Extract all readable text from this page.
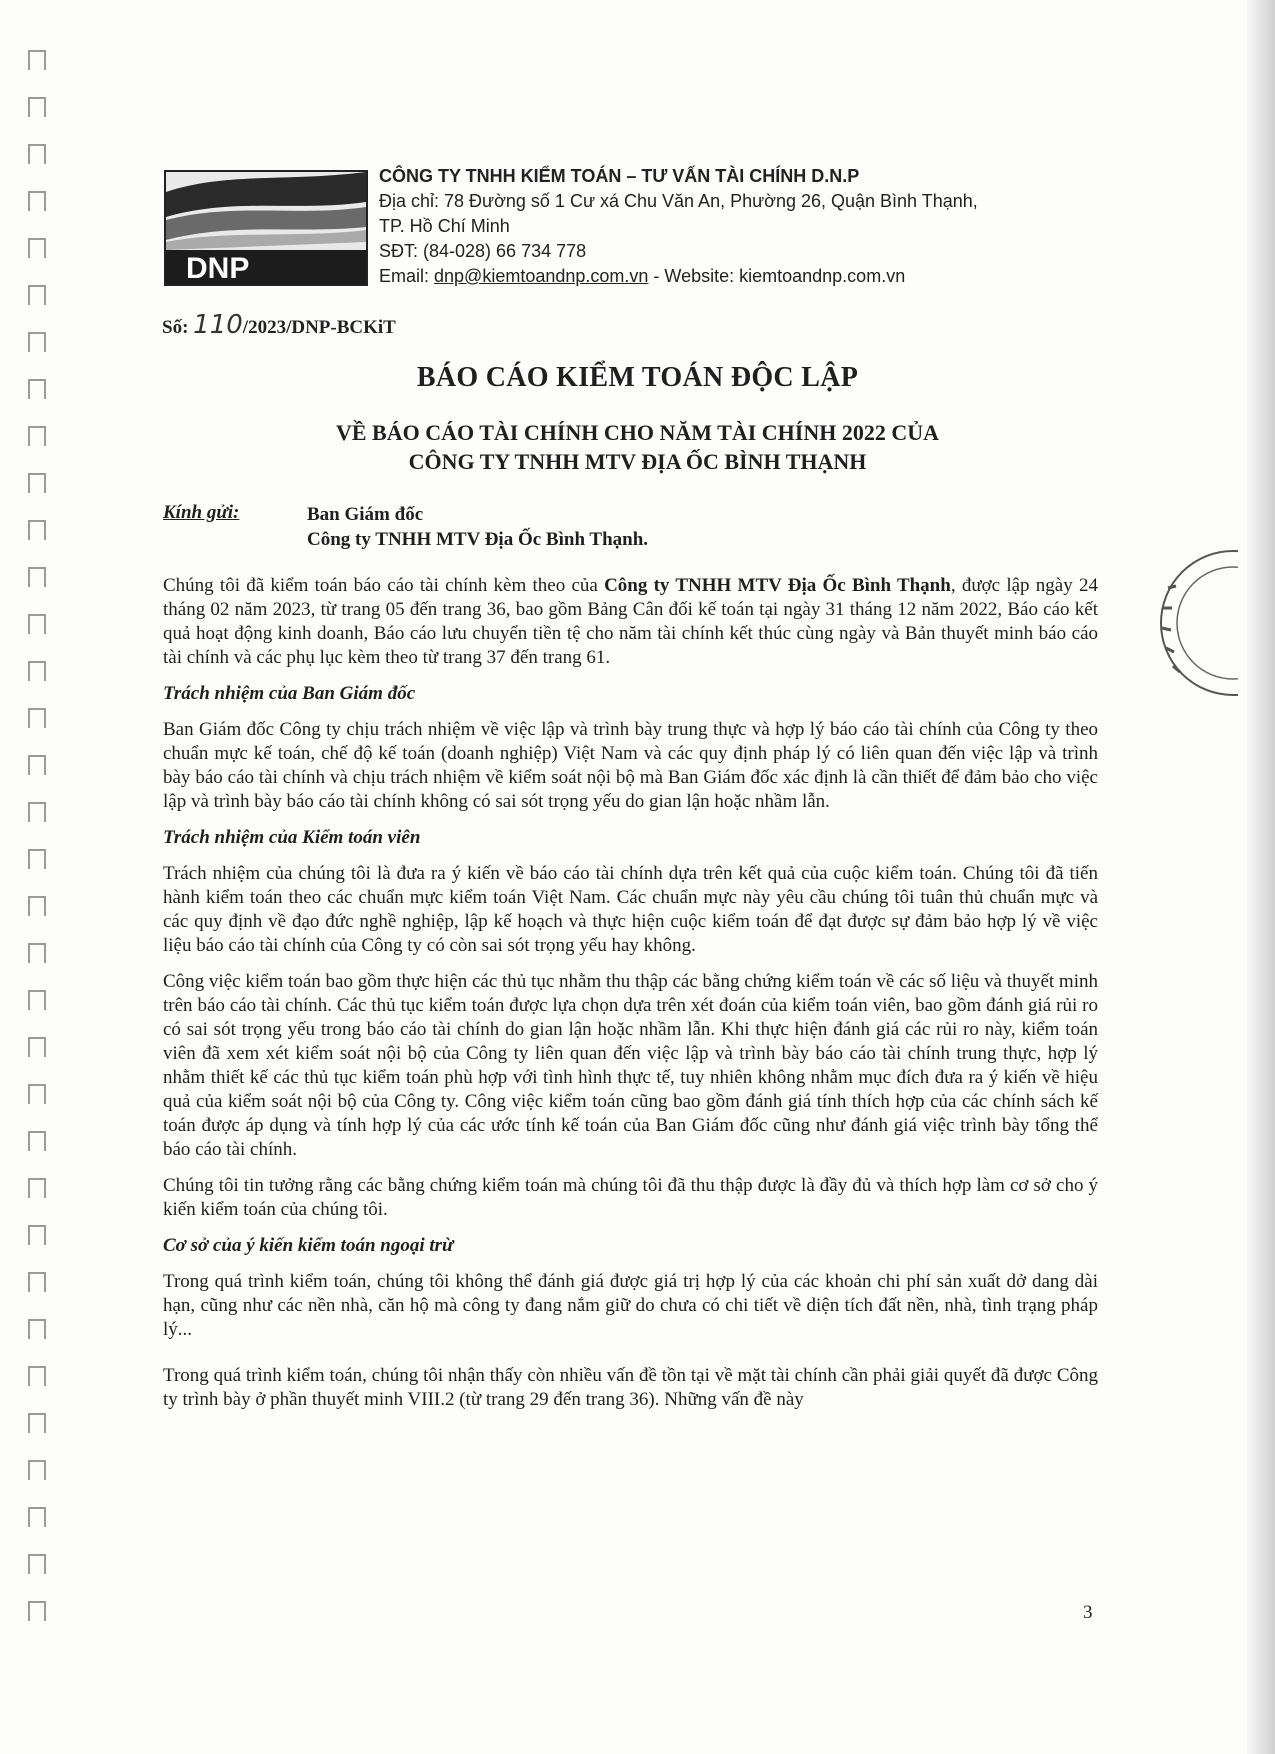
DNP
CÔNG TY TNHH KIỂM TOÁN – TƯ VẤN TÀI CHÍNH D.N.P
Địa chỉ: 78 Đường số 1 Cư xá Chu Văn An, Phường 26, Quận Bình Thạnh,
TP. Hồ Chí Minh
SĐT: (84-028) 66 734 778
Email: dnp@kiemtoandnp.com.vn - Website: kiemtoandnp.com.vn
Số: 110/2023/DNP-BCKiT
BÁO CÁO KIỂM TOÁN ĐỘC LẬP
VỀ BÁO CÁO TÀI CHÍNH CHO NĂM TÀI CHÍNH 2022 CỦA
CÔNG TY TNHH MTV ĐỊA ỐC BÌNH THẠNH
Kính gửi:	Ban Giám đốc
Công ty TNHH MTV Địa Ốc Bình Thạnh.

Chúng tôi đã kiểm toán báo cáo tài chính kèm theo của Công ty TNHH MTV Địa Ốc Bình Thạnh, được lập ngày 24 tháng 02 năm 2023, từ trang 05 đến trang 36, bao gồm Bảng Cân đối kế toán tại ngày 31 tháng 12 năm 2022, Báo cáo kết quả hoạt động kinh doanh, Báo cáo lưu chuyển tiền tệ cho năm tài chính kết thúc cùng ngày và Bản thuyết minh báo cáo tài chính và các phụ lục kèm theo từ trang 37 đến trang 61.

Trách nhiệm của Ban Giám đốc

Ban Giám đốc Công ty chịu trách nhiệm về việc lập và trình bày trung thực và hợp lý báo cáo tài chính của Công ty theo chuẩn mực kế toán, chế độ kế toán (doanh nghiệp) Việt Nam và các quy định pháp lý có liên quan đến việc lập và trình bày báo cáo tài chính và chịu trách nhiệm về kiểm soát nội bộ mà Ban Giám đốc xác định là cần thiết để đảm bảo cho việc lập và trình bày báo cáo tài chính không có sai sót trọng yếu do gian lận hoặc nhầm lẫn.

Trách nhiệm của Kiểm toán viên

Trách nhiệm của chúng tôi là đưa ra ý kiến về báo cáo tài chính dựa trên kết quả của cuộc kiểm toán. Chúng tôi đã tiến hành kiểm toán theo các chuẩn mực kiểm toán Việt Nam. Các chuẩn mực này yêu cầu chúng tôi tuân thủ chuẩn mực và các quy định về đạo đức nghề nghiệp, lập kế hoạch và thực hiện cuộc kiểm toán để đạt được sự đảm bảo hợp lý về việc liệu báo cáo tài chính của Công ty có còn sai sót trọng yếu hay không.

Công việc kiểm toán bao gồm thực hiện các thủ tục nhằm thu thập các bằng chứng kiểm toán về các số liệu và thuyết minh trên báo cáo tài chính. Các thủ tục kiểm toán được lựa chọn dựa trên xét đoán của kiểm toán viên, bao gồm đánh giá rủi ro có sai sót trọng yếu trong báo cáo tài chính do gian lận hoặc nhầm lẫn. Khi thực hiện đánh giá các rủi ro này, kiểm toán viên đã xem xét kiểm soát nội bộ của Công ty liên quan đến việc lập và trình bày báo cáo tài chính trung thực, hợp lý nhằm thiết kế các thủ tục kiểm toán phù hợp với tình hình thực tế, tuy nhiên không nhằm mục đích đưa ra ý kiến về hiệu quả của kiểm soát nội bộ của Công ty. Công việc kiểm toán cũng bao gồm đánh giá tính thích hợp của các chính sách kế toán được áp dụng và tính hợp lý của các ước tính kế toán của Ban Giám đốc cũng như đánh giá việc trình bày tổng thể báo cáo tài chính.

Chúng tôi tin tưởng rằng các bằng chứng kiểm toán mà chúng tôi đã thu thập được là đầy đủ và thích hợp làm cơ sở cho ý kiến kiểm toán của chúng tôi.

Cơ sở của ý kiến kiểm toán ngoại trừ

Trong quá trình kiểm toán, chúng tôi không thể đánh giá được giá trị hợp lý của các khoản chi phí sản xuất dở dang dài hạn, cũng như các nền nhà, căn hộ mà công ty đang nắm giữ do chưa có chi tiết về diện tích đất nền, nhà, tình trạng pháp lý...

Trong quá trình kiểm toán, chúng tôi nhận thấy còn nhiều vấn đề tồn tại về mặt tài chính cần phải giải quyết đã được Công ty trình bày ở phần thuyết minh VIII.2 (từ trang 29 đến trang 36). Những vấn đề này

3
